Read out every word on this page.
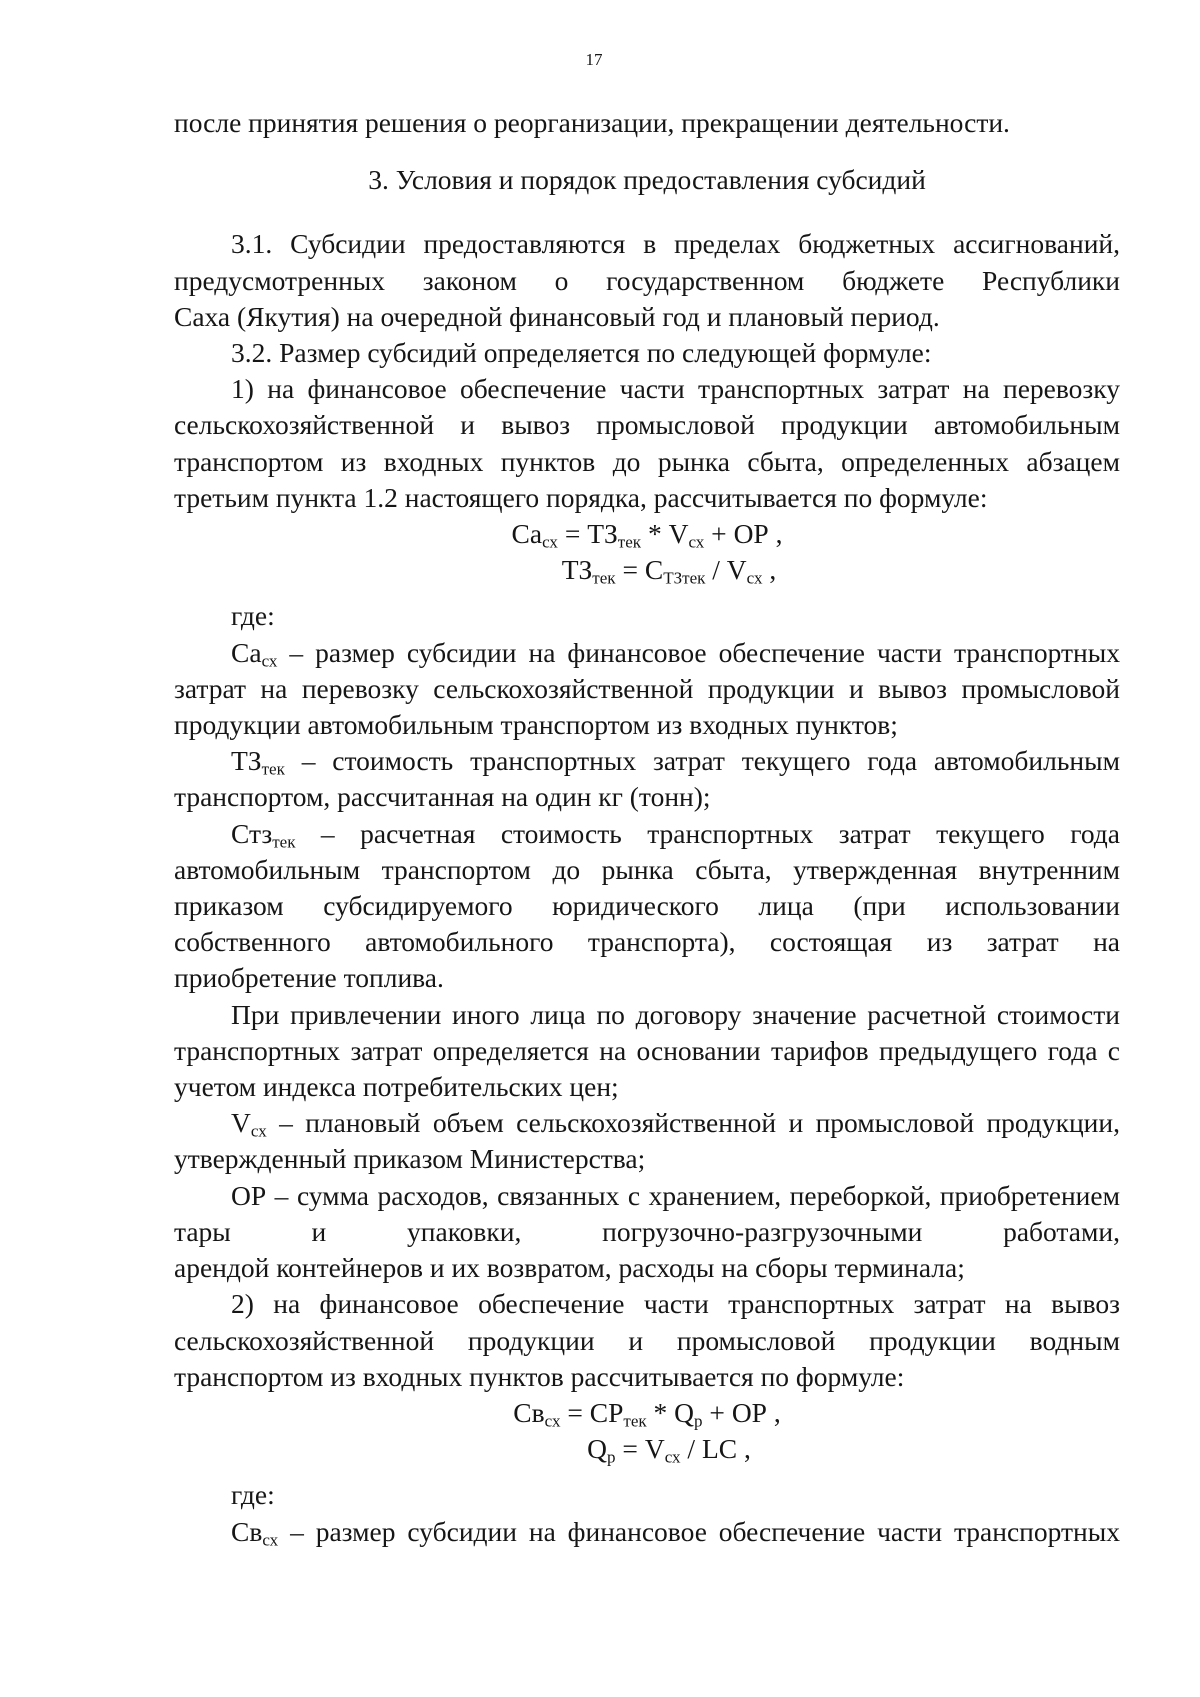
17

после принятия решения о реорганизации, прекращении деятельности.

3. Условия и порядок предоставления субсидий

3.1. Субсидии предоставляются в пределах бюджетных ассигнований, предусмотренных законом о государственном бюджете Республики

Саха (Якутия) на очередной финансовый год и плановый период.

3.2. Размер субсидий определяется по следующей формуле:

1) на финансовое обеспечение части транспортных затрат на перевозку сельскохозяйственной и вывоз промысловой продукции автомобильным транспортом из входных пунктов до рынка сбыта, определенных абзацем

третьим пункта 1.2 настоящего порядка, рассчитывается по формуле:

$Са_{сх} = ТЗ_{тек} * V_{сх}$ + ОР ,

$ТЗ_{тек} = С_{ТЗтек} / V_{сх}$ ,

где:

$Са_{сх}$ – размер субсидии на финансовое обеспечение части транспортных затрат на перевозку сельскохозяйственной продукции и вывоз промысловой продукции автомобильным транспортом из входных пунктов;

$ТЗ_{тек}$ – стоимость транспортных затрат текущего года автомобильным

транспортом, рассчитанная на один кг (тонн);

Стз$_{тек}$ – расчетная стоимость транспортных затрат текущего года автомобильным транспортом до рынка сбыта, утвержденная внутренним приказом субсидируемого юридического лица (при использовании собственного автомобильного транспорта), состоящая из затрат на

приобретение топлива.

При привлечении иного лица по договору значение расчетной стоимости транспортных затрат определяется на основании тарифов предыдущего года с учетом индекса потребительских цен;

$V_{сх}$ – плановый объем сельскохозяйственной и промысловой продукции,

утвержденный приказом Министерства;

ОР – сумма расходов, связанных с хранением, переборкой, приобретением тары и упаковки, погрузочно-разгрузочными работами,

арендой контейнеров и их возвратом, расходы на сборы терминала;

2) на финансовое обеспечение части транспортных затрат на вывоз сельскохозяйственной продукции и промысловой продукции водным

транспортом из входных пунктов рассчитывается по формуле:

$Св_{сх} = СР_{тек} * Q_р$ + ОР ,

$Q_р = V_{сх}$ / LC ,

где:

$Св_{сх}$ – размер субсидии на финансовое обеспечение части транспортных
